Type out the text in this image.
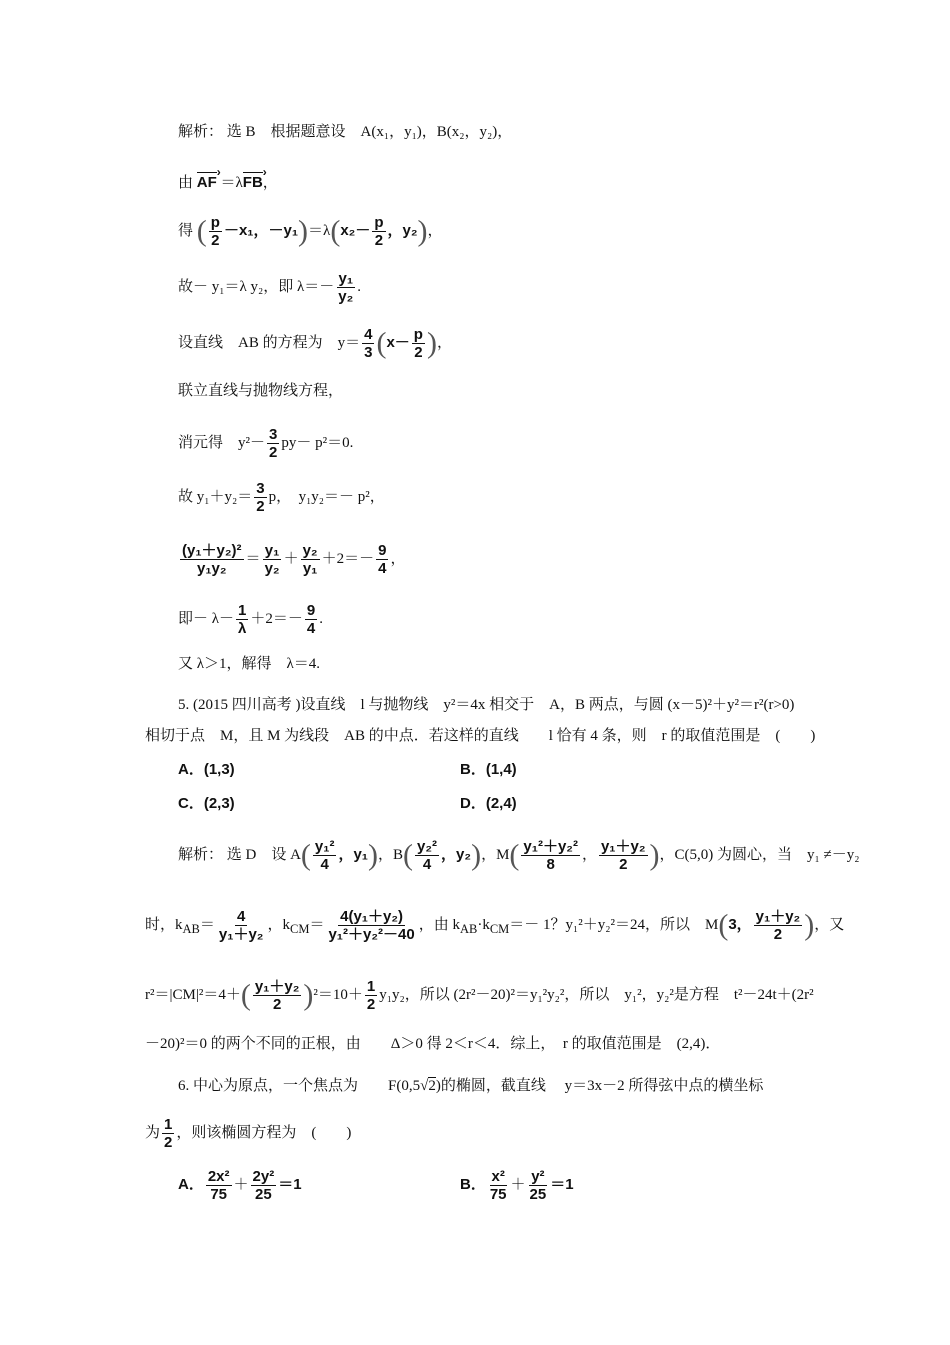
解析： 选 B　根据题意设　A(x₁，y₁)，B(x₂，y₂)，
由 AF › ＝λFB ›，
得 ( $\frac{p}{2} -x_1$，$-y_1)=\lambda(x_2- \frac{p}{2}$ ，y₂)，
故－ y₁＝λ y₂，即 $\lambda=- \frac{\text{y₁}}{\text{y₂}}$ .
设直线　AB 的方程为　$y= \frac{4}{3} (x- \frac{p}{2}$ )，
联立直线与抛物线方程，
消元得　$y^2- \frac{3}{2} py- p^2=0$.
故 $y_1+y_2= \frac{3}{2}$ p，　y₁y₂＝－ p²，
$\frac{\text{(y₁＋y₂)²}}{\text{y₁y₂}} = \frac{\text{y₁}}{\text{y₂}} + \frac{\text{y₂}}{\text{y₁}} +2=- \frac{9}{4}$ ，
即－ $\lambda- \frac{1}{\lambda} +2=- \frac{9}{4}$ .
又 λ＞1，解得　λ＝4.
5. (2015 四川高考 )设直线　l 与抛物线　y²＝4x 相交于　A，B 两点，与圆 (x－5)²＋y²＝r²(r>0)
相切于点　M，且 M 为线段　AB 的中点．若这样的直线　　l 恰有 4 条，则　r 的取值范围是　(　　)
A．(1,3)	B．(1,4)
C．(2,3)	D．(2,4)
解析： 选 D　设 $A( \frac{\text{y₁²}}{4}$ ，y₁)，$B( \frac{\text{y₂²}}{4}$ ，y₂)，$M( \frac{\text{y₁²＋y₂²}}{8}$ ， $\frac{\text{y₁＋y₂}}{2}$ )，C(5,0) 为圆心，当　y₁ ≠－y₂
时，$k_{AB}= \frac{4}{\text{y₁＋y₂}}$ ，$k_{CM}= \frac{\text{4(y₁＋y₂)}}{\text{y₁²＋y₂²－40}}$ ，由 $k_{AB}\cdot k_{CM}=- 1$？y₁²＋y₂²＝24，所以　M(3， $\frac{\text{y₁＋y₂}}{2}$ )，又
$r^2=|CM|^2=4+( \frac{\text{y₁＋y₂}}{2} )^2=10+ \frac{1}{2} y_1y_2$，所以 (2r²－20)²＝y₁²y₂²，所以　y₁²，y₂²是方程　t²－24t＋(2r²
－20)²＝0 的两个不同的正根，由　　Δ＞0 得 2＜r＜4．综上，　r 的取值范围是　(2,4)．
6. 中心为原点，一个焦点为　　F(0,5√2)的椭圆，截直线　 y＝3x－2 所得弦中点的横坐标
为 $\frac{1}{2}$ ，则该椭圆方程为　(　　)
A． $\frac{\text{2x²}}{75} + \frac{\text{2y²}}{25} =1$	B． $\frac{\text{x²}}{75} + \frac{\text{y²}}{25} =1$
